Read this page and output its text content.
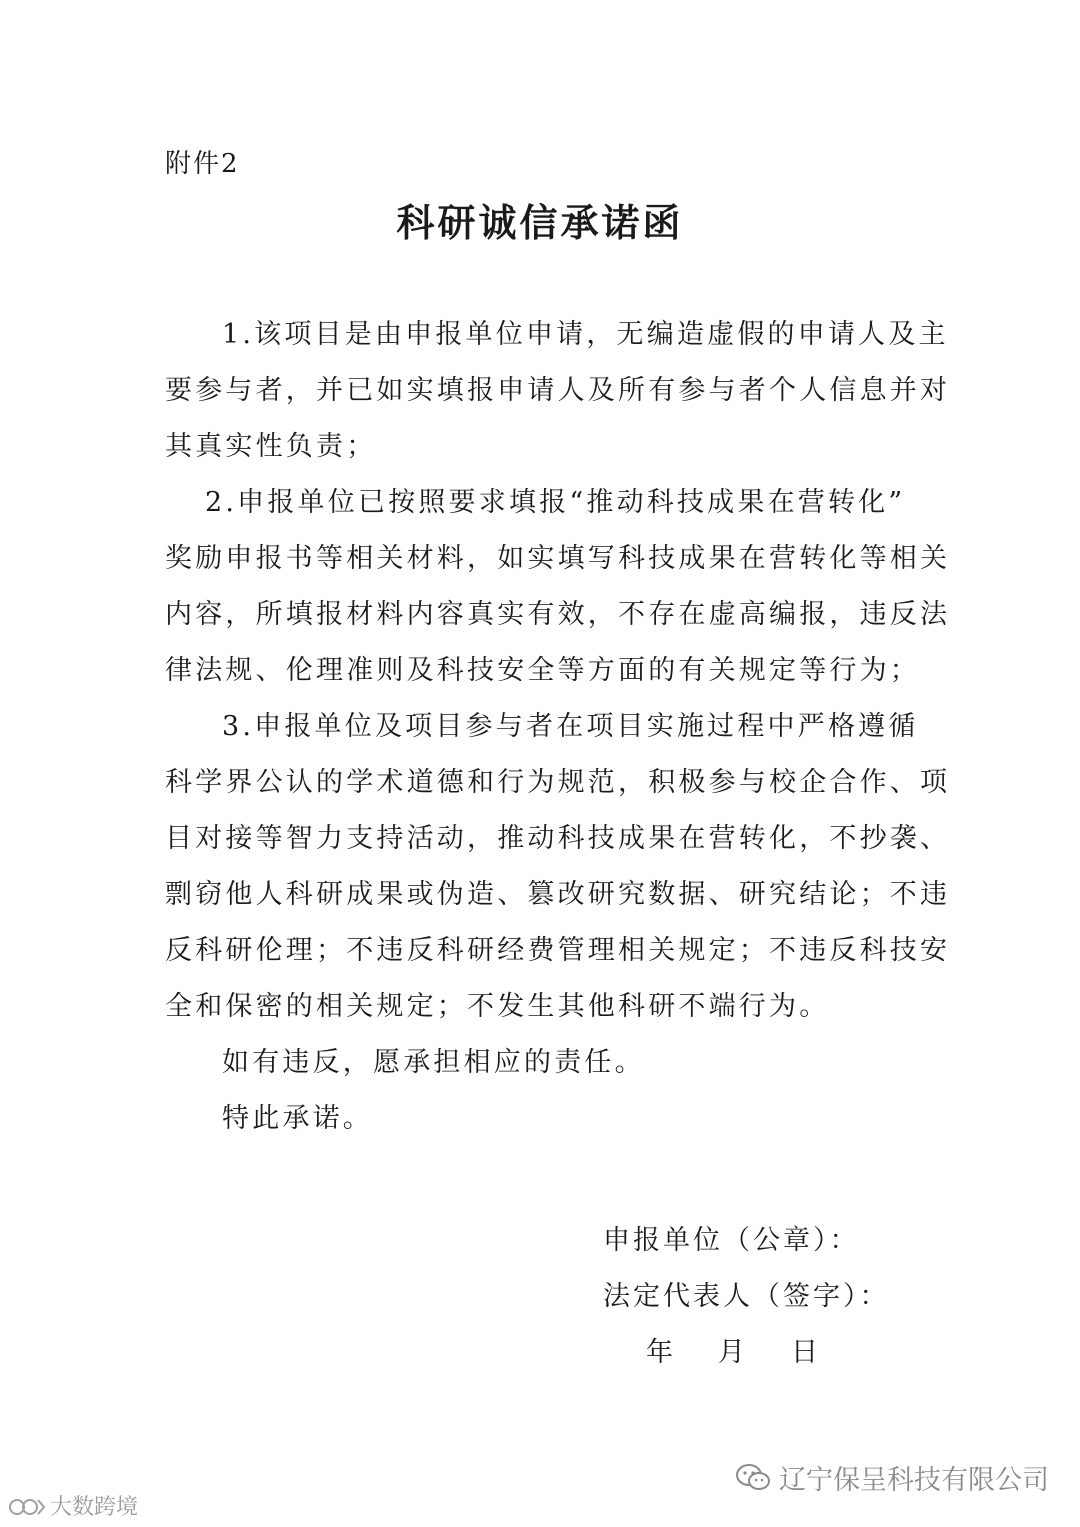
附件2
科研诚信承诺函
1.该项目是由申报单位申请，无编造虚假的申请人及主
要参与者，并已如实填报申请人及所有参与者个人信息并对
其真实性负责；
2.申报单位已按照要求填报“推动科技成果在营转化”
奖励申报书等相关材料，如实填写科技成果在营转化等相关
内容，所填报材料内容真实有效，不存在虚高编报，违反法
律法规、伦理准则及科技安全等方面的有关规定等行为；
3.申报单位及项目参与者在项目实施过程中严格遵循
科学界公认的学术道德和行为规范，积极参与校企合作、项
目对接等智力支持活动，推动科技成果在营转化，不抄袭、
剽窃他人科研成果或伪造、篡改研究数据、研究结论；不违
反科研伦理；不违反科研经费管理相关规定；不违反科技安
全和保密的相关规定；不发生其他科研不端行为。
如有违反，愿承担相应的责任。
特此承诺。
申报单位（公章）：
法定代表人（签字）：
年 月 日
大数跨境
辽宁保呈科技有限公司
